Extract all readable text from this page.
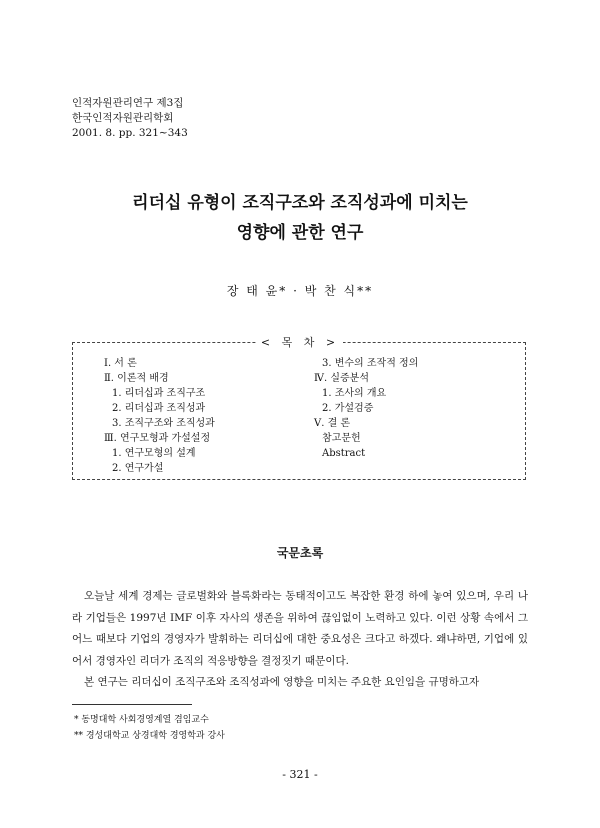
인적자원관리연구 제3집
한국인적자원관리학회
2001. 8. pp. 321∼343
리더십 유형이 조직구조와 조직성과에 미치는
영향에 관한 연구
장 태 윤* · 박 찬 식**
< 목 차 >
Ⅰ. 서 론
Ⅱ. 이론적 배경
1. 리더십과 조직구조
2. 리더십과 조직성과
3. 조직구조와 조직성과
Ⅲ. 연구모형과 가설설정
1. 연구모형의 설계
2. 연구가설
3. 변수의 조작적 정의
Ⅳ. 실증분석
1. 조사의 개요
2. 가설검증
Ⅴ. 결 론
참고문헌
Abstract
국문초록

오늘날 세계 경제는 글로벌화와 블록화라는 동태적이고도 복잡한 환경 하에 놓여 있으며, 우리 나라 기업들은 1997년 IMF 이후 자사의 생존을 위하여 끊임없이 노력하고 있다. 이런 상황 속에서 그 어느 때보다 기업의 경영자가 발휘하는 리더십에 대한 중요성은 크다고 하겠다. 왜냐하면, 기업에 있어서 경영자인 리더가 조직의 적응방향을 결정짓기 때문이다.

본 연구는 리더십이 조직구조와 조직성과에 영향을 미치는 주요한 요인임을 규명하고자

* 동명대학 사회경영계열 겸임교수
** 경성대학교 상경대학 경영학과 강사
- 321 -
